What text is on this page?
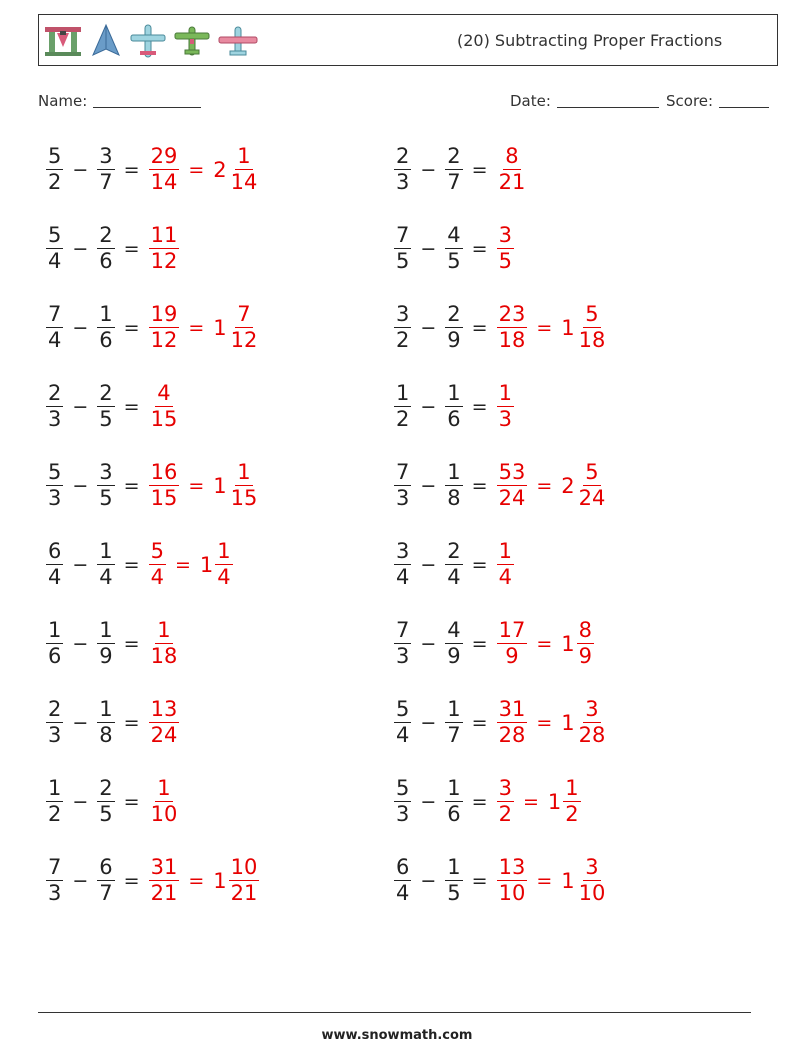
(20) Subtracting Proper Fractions
Name:	Date:	Score:
$\frac{5}{2} - \frac{3}{7} = \frac{29}{14} = 2 \frac{1}{14}$	$\frac{2}{3} - \frac{2}{7} = \frac{8}{21}$
$\frac{5}{4} - \frac{2}{6} = \frac{11}{12}$	$\frac{7}{5} - \frac{4}{5} = \frac{3}{5}$
$\frac{7}{4} - \frac{1}{6} = \frac{19}{12} = 1 \frac{7}{12}$	$\frac{3}{2} - \frac{2}{9} = \frac{23}{18} = 1 \frac{5}{18}$
$\frac{2}{3} - \frac{2}{5} = \frac{4}{15}$	$\frac{1}{2} - \frac{1}{6} = \frac{1}{3}$
$\frac{5}{3} - \frac{3}{5} = \frac{16}{15} = 1 \frac{1}{15}$	$\frac{7}{3} - \frac{1}{8} = \frac{53}{24} = 2 \frac{5}{24}$
$\frac{6}{4} - \frac{1}{4} = \frac{5}{4} = 1 \frac{1}{4}$	$\frac{3}{4} - \frac{2}{4} = \frac{1}{4}$
$\frac{1}{6} - \frac{1}{9} = \frac{1}{18}$	$\frac{7}{3} - \frac{4}{9} = \frac{17}{9} = 1 \frac{8}{9}$
$\frac{2}{3} - \frac{1}{8} = \frac{13}{24}$	$\frac{5}{4} - \frac{1}{7} = \frac{31}{28} = 1 \frac{3}{28}$
$\frac{1}{2} - \frac{2}{5} = \frac{1}{10}$	$\frac{5}{3} - \frac{1}{6} = \frac{3}{2} = 1 \frac{1}{2}$
$\frac{7}{3} - \frac{6}{7} = \frac{31}{21} = 1 \frac{10}{21}$	$\frac{6}{4} - \frac{1}{5} = \frac{13}{10} = 1 \frac{3}{10}$
www.snowmath.com
